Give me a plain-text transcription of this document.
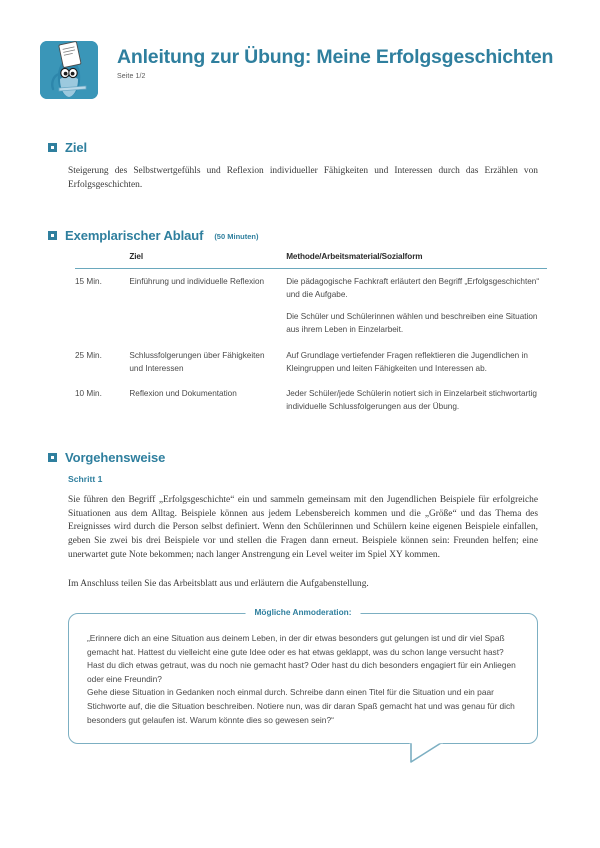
Anleitung zur Übung: Meine Erfolgsgeschichten
Seite 1/2
Ziel
Steigerung des Selbstwertgefühls und Reflexion individueller Fähigkeiten und Interessen durch das Erzählen von Erfolgsgeschichten.
Exemplarischer Ablauf (50 Minuten)
	Ziel	Methode/Arbeitsmaterial/Sozialform
15 Min.	Einführung und individuelle Reflexion	Die pädagogische Fachkraft erläutert den Begriff „Erfolgsgeschichten“ und die Aufgabe.
Die Schüler und Schülerinnen wählen und beschreiben eine Situation aus ihrem Leben in Einzelarbeit.

25 Min.	Schlussfolgerungen über Fähigkeiten und Interessen	Auf Grundlage vertiefender Fragen reflektieren die Jugendlichen in Kleingruppen und leiten Fähigkeiten und Interessen ab.
10 Min.	Reflexion und Dokumentation	Jeder Schüler/jede Schülerin notiert sich in Einzelarbeit stichwortartig individuelle Schlussfolgerungen aus der Übung.
Vorgehensweise
Schritt 1
Sie führen den Begriff „Erfolgsgeschichte“ ein und sammeln gemeinsam mit den Jugendlichen Beispiele für erfolgreiche Situationen aus dem Alltag. Beispiele können aus jedem Lebensbereich kommen und die „Größe“ und das Thema des Ereignisses wird durch die Person selbst definiert. Wenn den Schülerinnen und Schülern keine eigenen Beispiele einfallen, geben Sie zwei bis drei Beispiele vor und stellen die Fragen dann erneut. Beispiele können sein: Freunden helfen; eine unerwartet gute Note bekommen; nach langer Anstrengung ein Level weiter im Spiel XY kommen.
Im Anschluss teilen Sie das Arbeitsblatt aus und erläutern die Aufgabenstellung.
Mögliche Anmoderation:

„Erinnere dich an eine Situation aus deinem Leben, in der dir etwas besonders gut gelungen ist und dir viel Spaß gemacht hat. Hattest du vielleicht eine gute Idee oder es hat etwas geklappt, was du schon lange versucht hast? Hast du dich etwas getraut, was du noch nie gemacht hast? Oder hast du dich besonders engagiert für ein Anliegen oder eine Freundin?

Gehe diese Situation in Gedanken noch einmal durch. Schreibe dann einen Titel für die Situation und ein paar Stichworte auf, die die Situation beschreiben. Notiere nun, was dir daran Spaß gemacht hat und was genau für dich besonders gut gelaufen ist. Warum könnte dies so gewesen sein?“
